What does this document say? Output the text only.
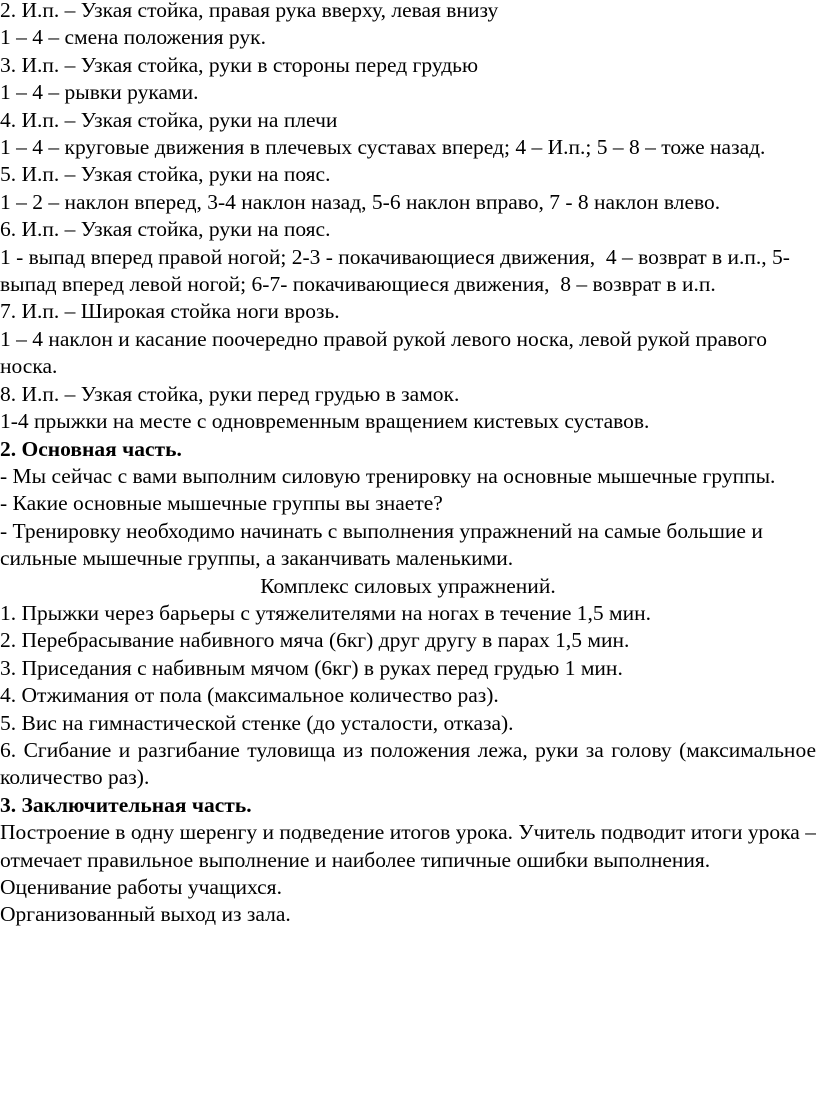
2. И.п. – Узкая стойка, правая рука вверху, левая внизу

1 – 4 – смена положения рук.

3. И.п. – Узкая стойка, руки в стороны перед грудью

1 – 4 – рывки руками.

4. И.п. – Узкая стойка, руки на плечи

1 – 4 – круговые движения в плечевых суставах вперед; 4 – И.п.; 5 – 8 – тоже назад.

5. И.п. – Узкая стойка, руки на пояс.

1 – 2 – наклон вперед, 3-4 наклон назад, 5-6 наклон вправо, 7 - 8 наклон влево.

6. И.п. – Узкая стойка, руки на пояс.

1 - выпад вперед правой ногой; 2-3 - покачивающиеся движения,  4 – возврат в и.п., 5- выпад вперед левой ногой; 6-7- покачивающиеся движения,  8 – возврат в и.п.

7. И.п. – Широкая стойка ноги врозь.

1 – 4 наклон и касание поочередно правой рукой левого носка, левой рукой правого носка.

8. И.п. – Узкая стойка, руки перед грудью в замок.

1-4 прыжки на месте с одновременным вращением кистевых суставов.

2. Основная часть.

- Мы сейчас с вами выполним силовую тренировку на основные мышечные группы.

- Какие основные мышечные группы вы знаете?

- Тренировку необходимо начинать с выполнения упражнений на самые большие и сильные мышечные группы, а заканчивать маленькими.

Комплекс силовых упражнений.

1. Прыжки через барьеры с утяжелителями на ногах в течение 1,5 мин.

2. Перебрасывание набивного мяча (6кг) друг другу в парах 1,5 мин.

3. Приседания с набивным мячом (6кг) в руках перед грудью 1 мин.

4. Отжимания от пола (максимальное количество раз).

5. Вис на гимнастической стенке (до усталости, отказа).

6. Сгибание и разгибание туловища из положения лежа, руки за голову (максимальное количество раз).

3. Заключительная часть.

Построение в одну шеренгу и подведение итогов урока. Учитель подводит итоги урока – отмечает правильное выполнение и наиболее типичные ошибки выполнения.

Оценивание работы учащихся.

Организованный выход из зала.
